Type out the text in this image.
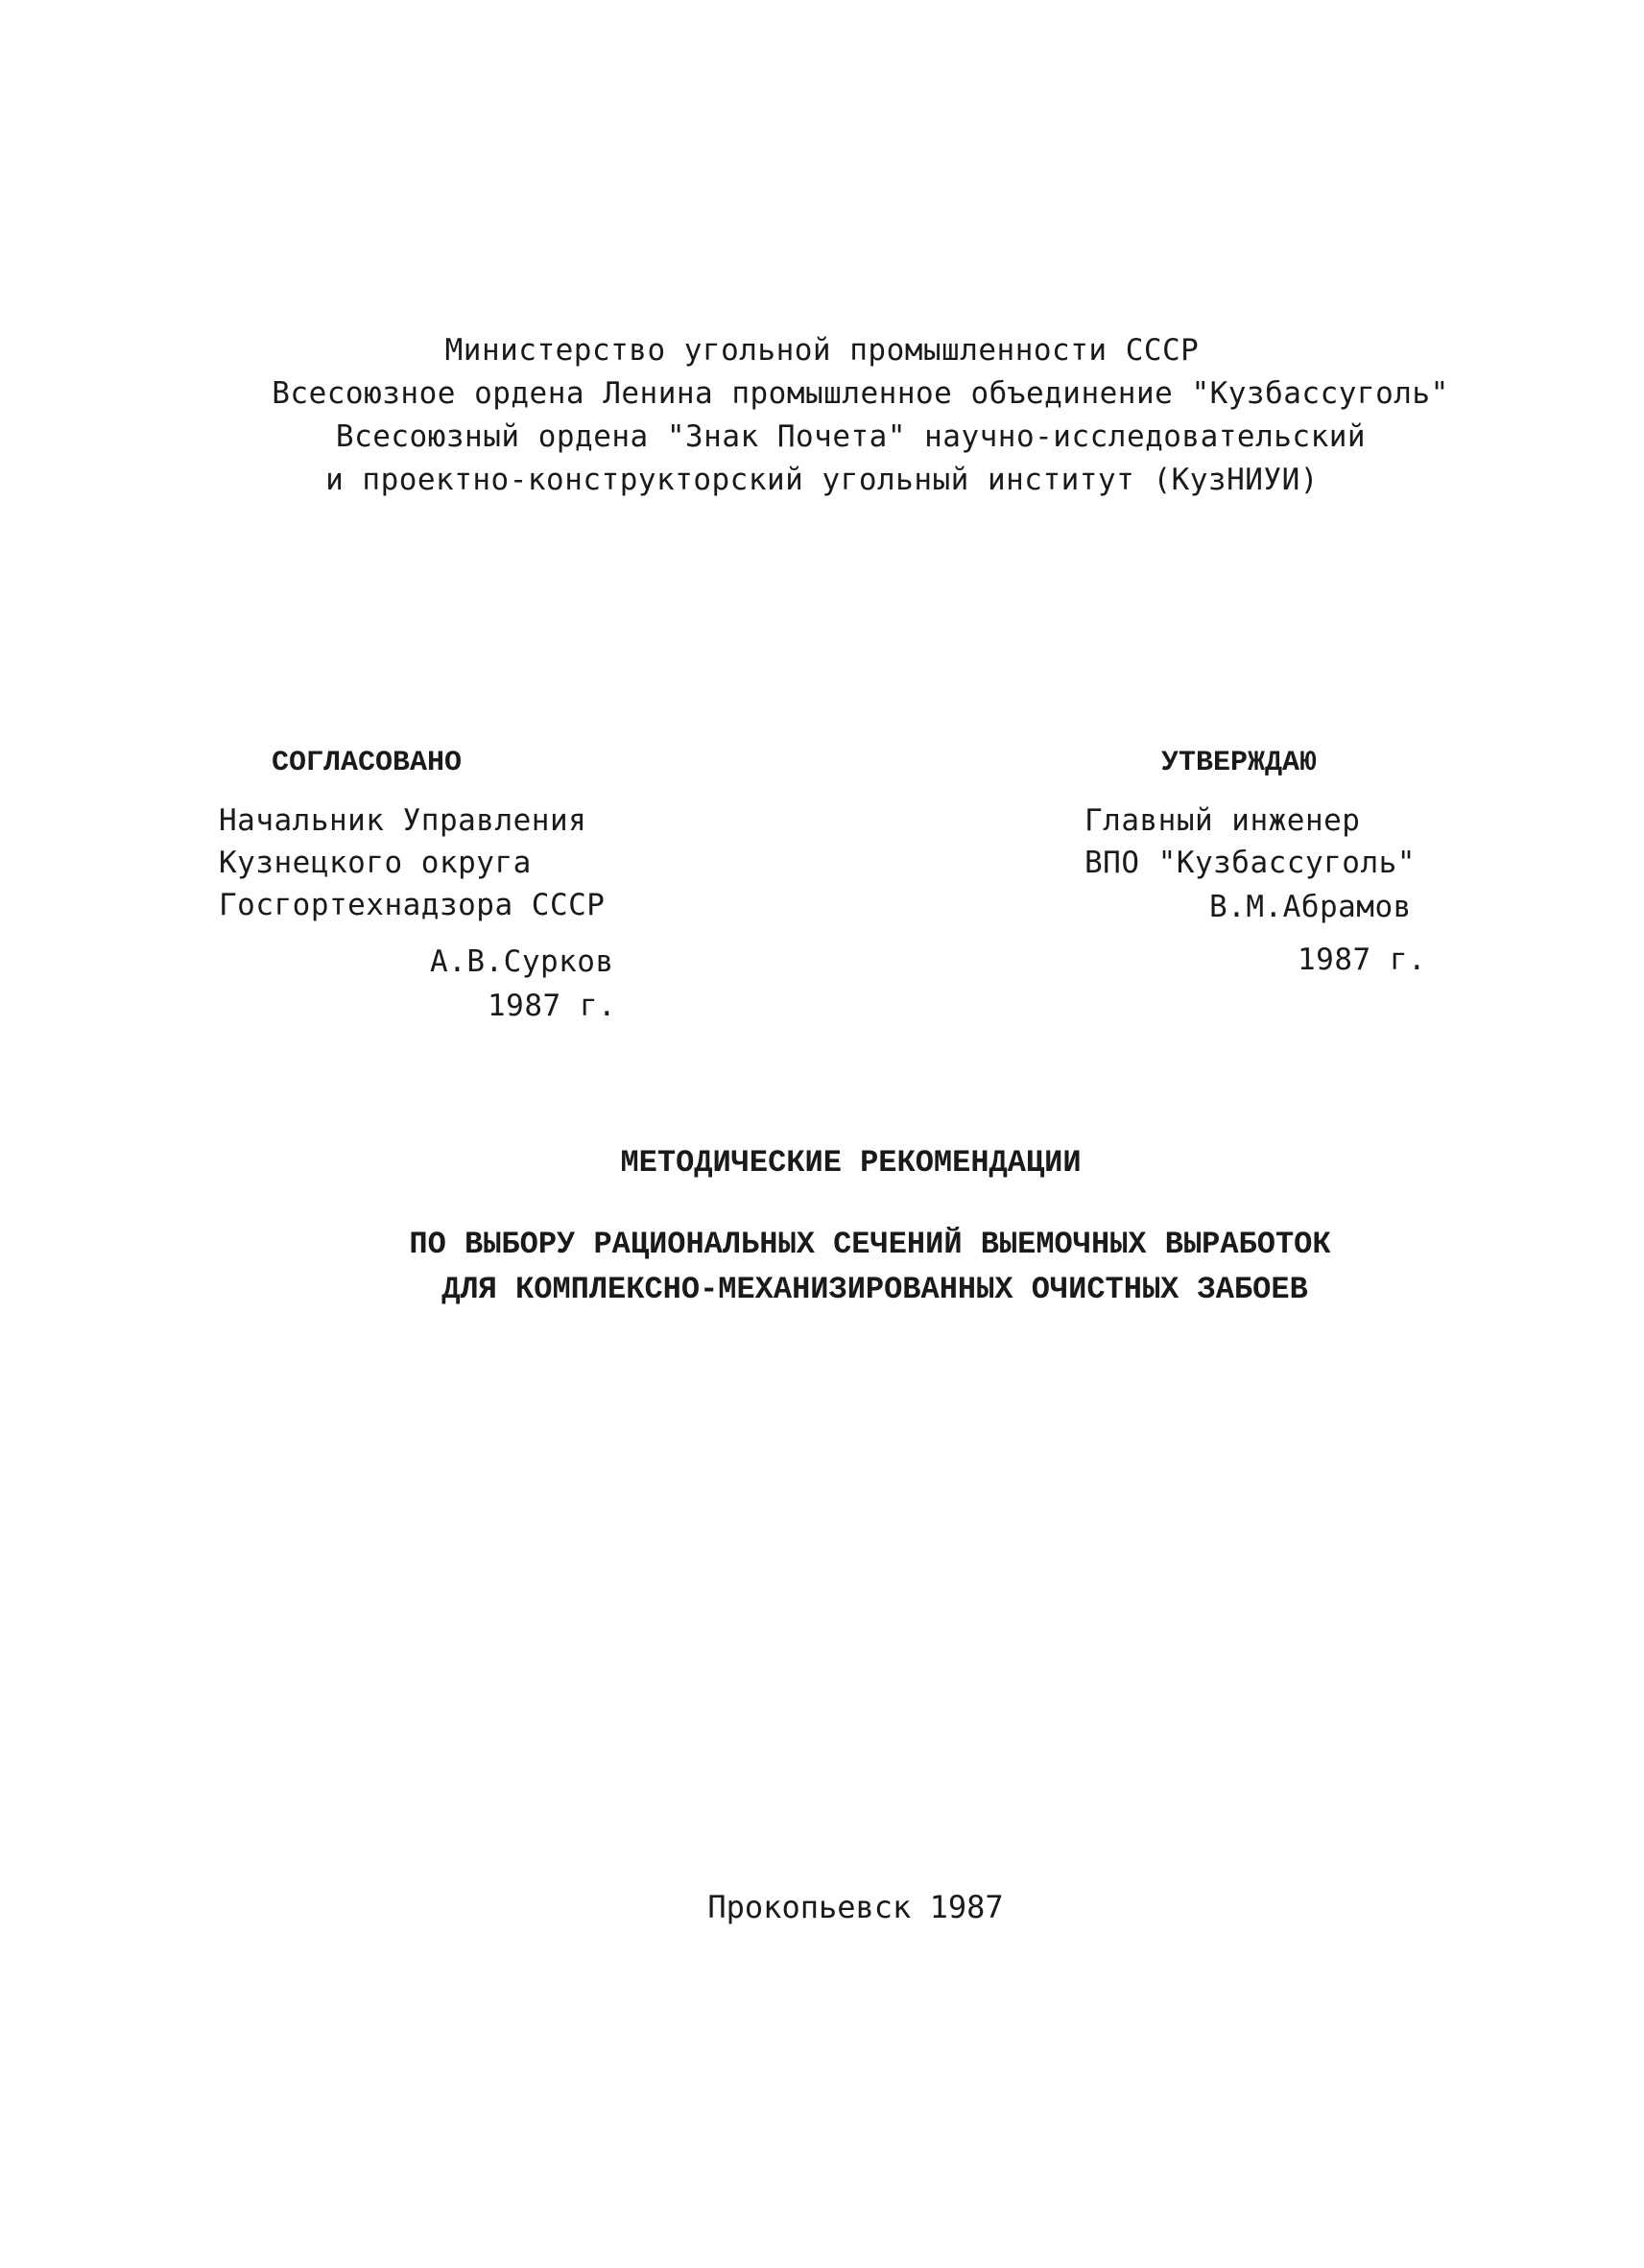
Министерство угольной промышленности СССР
Всесоюзное ордена Ленина промышленное объединение "Кузбассуголь"
Всесоюзный ордена "Знак Почета" научно-исследовательский
и проектно-конструкторский угольный институт (КузНИУИ)
СОГЛАСОВАНО
Начальник Управления
Кузнецкого округа
Госгортехнадзора СССР
А.В.Сурков
1987 г.
УТВЕРЖДАЮ
Главный инженер
ВПО "Кузбассуголь"
В.М.Абрамов
1987 г.
МЕТОДИЧЕСКИЕ РЕКОМЕНДАЦИИ
ПО ВЫБОРУ РАЦИОНАЛЬНЫХ СЕЧЕНИЙ ВЫЕМОЧНЫХ ВЫРАБОТОК
ДЛЯ КОМПЛЕКСНО-МЕХАНИЗИРОВАННЫХ ОЧИСТНЫХ ЗАБОЕВ
Прокопьевск 1987
